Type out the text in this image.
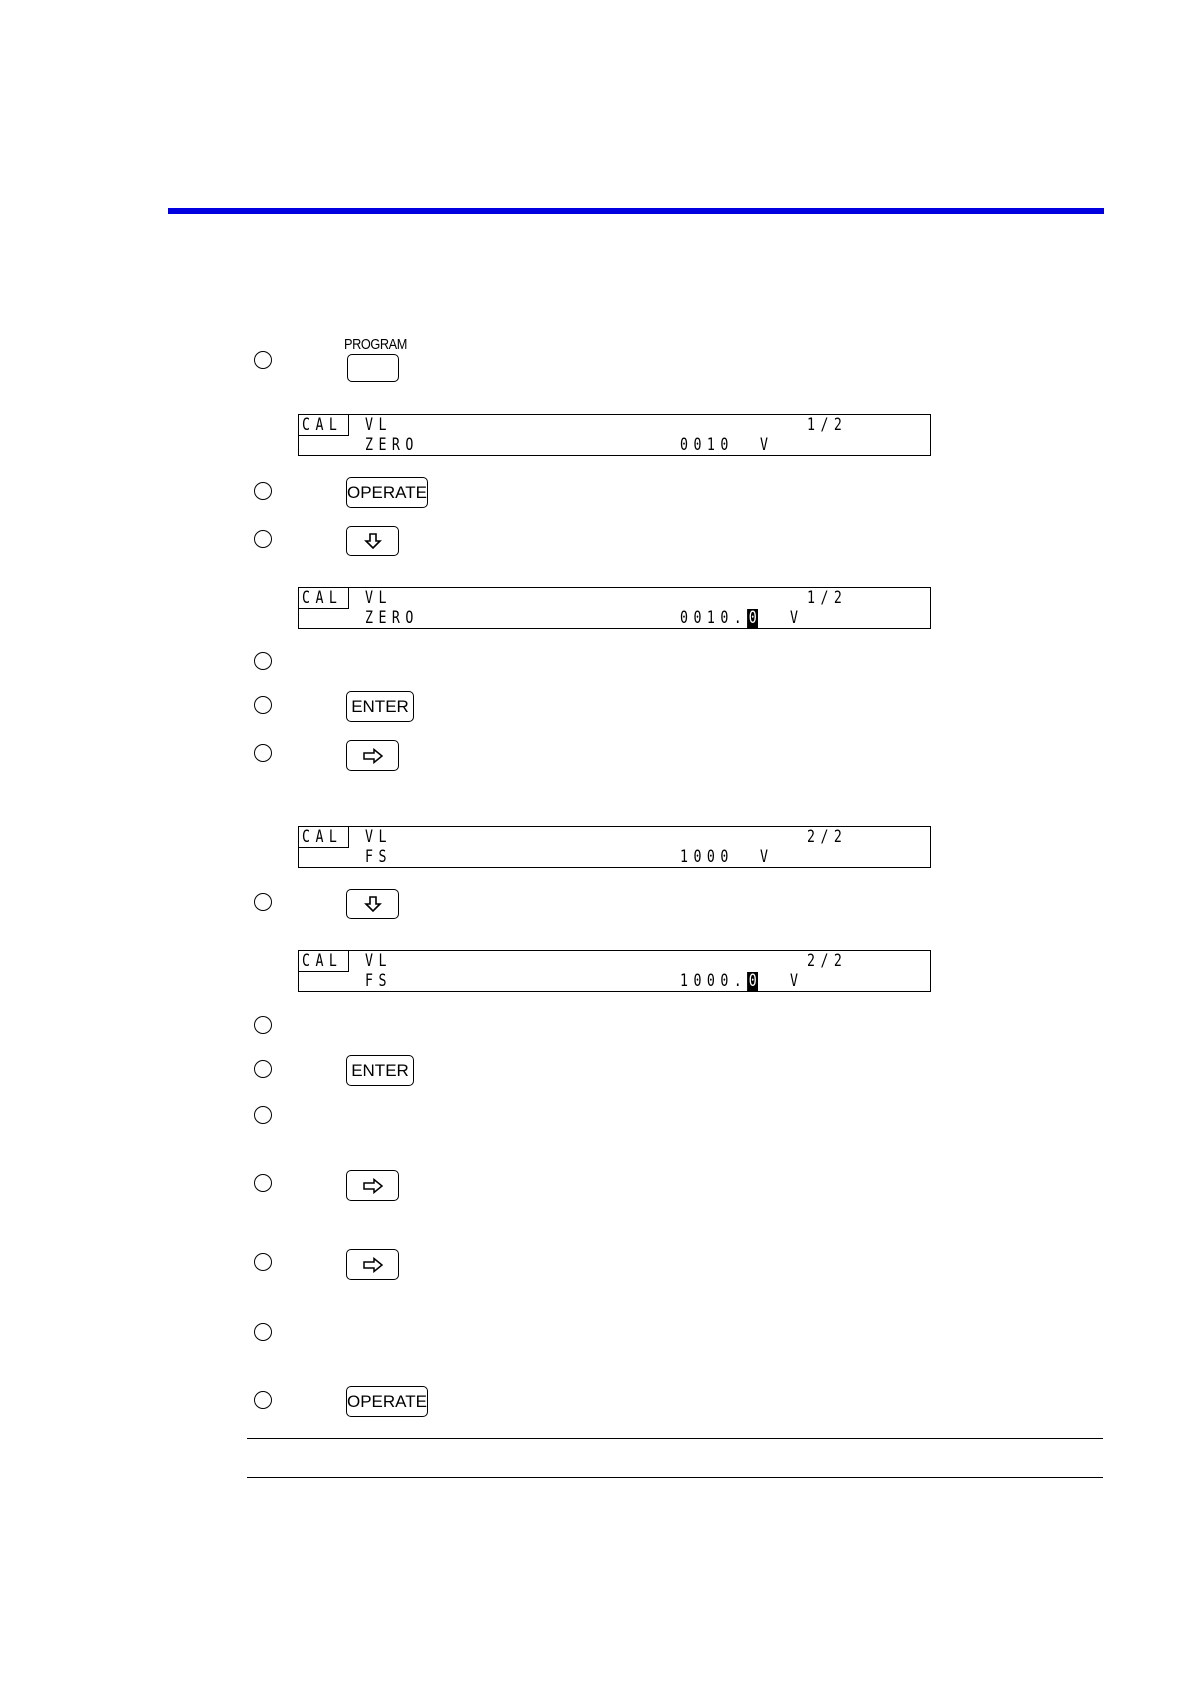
PROGRAM
CAL VL	1/2
ZERO	0010 V
OPERATE
CAL VL	1/2
ZERO	0010.0	V
ENTER
CAL VL	2/2
FS	1000 V
CAL VL	2/2
FS	1000.0	V
ENTER
OPERATE
